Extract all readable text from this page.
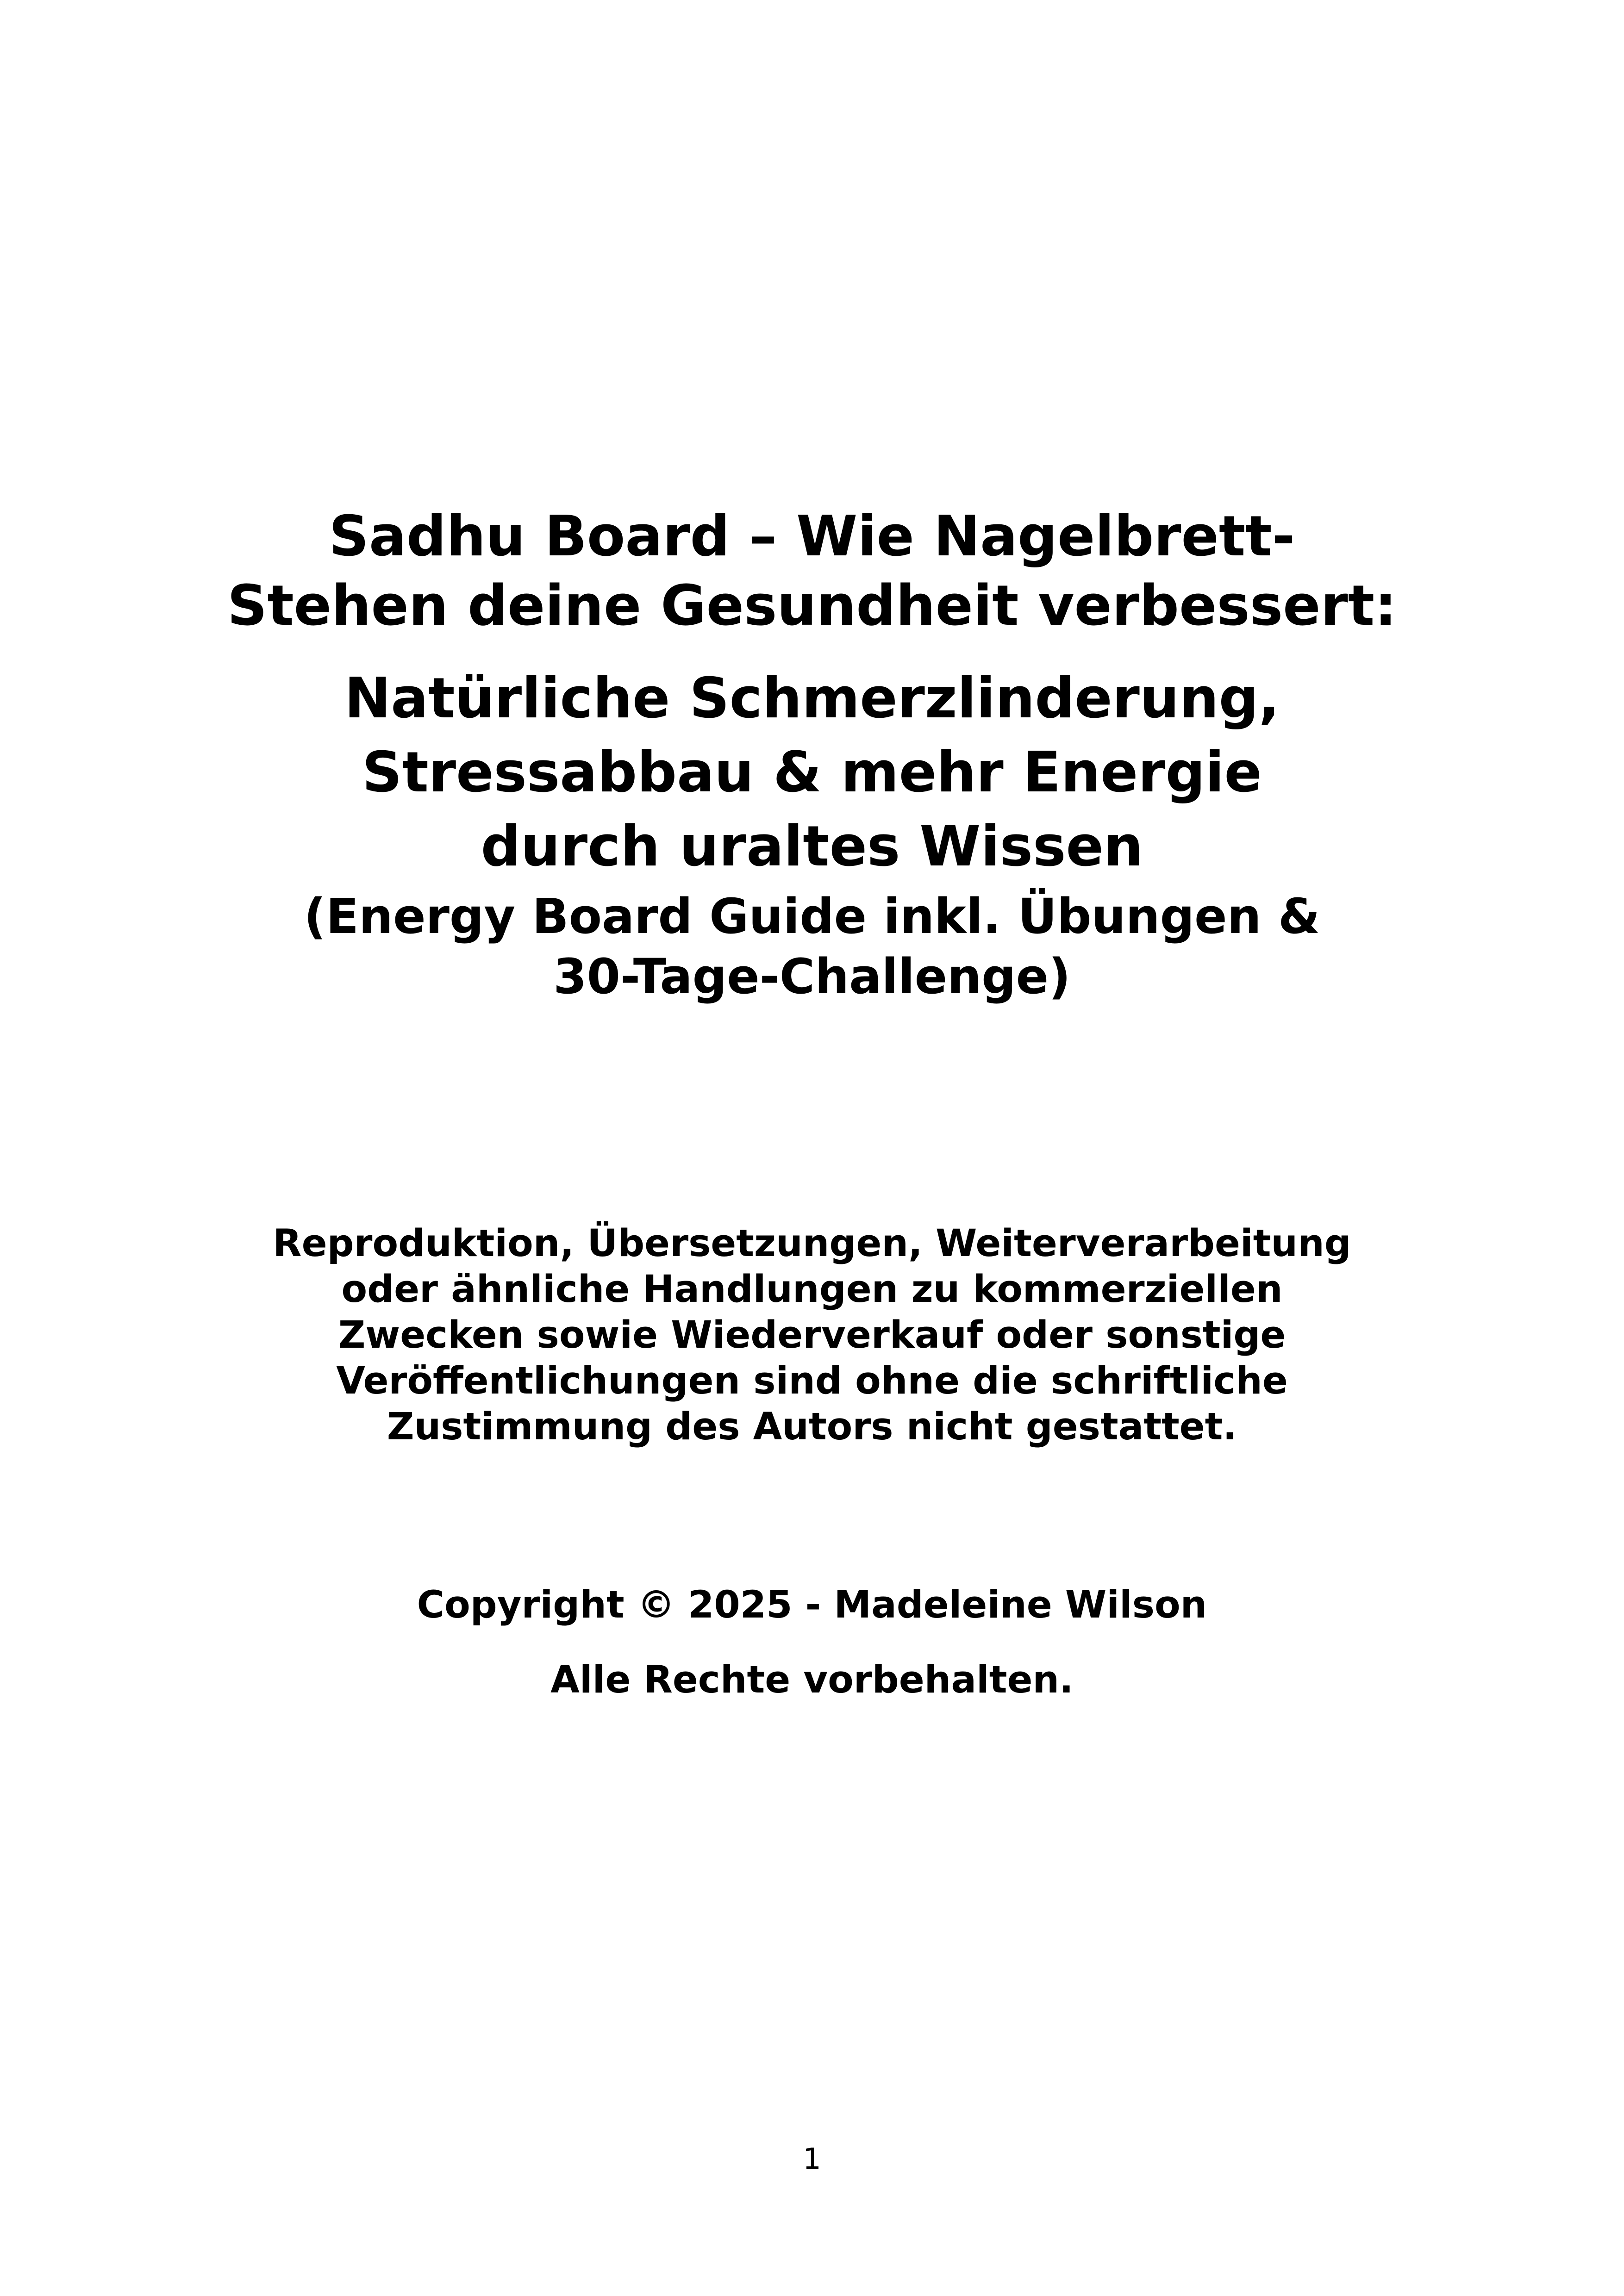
Sadhu Board – Wie Nagelbrett-
Stehen deine Gesundheit verbessert:
Natürliche Schmerzlinderung,
Stressabbau & mehr Energie
durch uraltes Wissen
(Energy Board Guide inkl. Übungen &
30-Tage-Challenge)

Reproduktion, Übersetzungen, Weiterverarbeitung
oder ähnliche Handlungen zu kommerziellen
Zwecken sowie Wiederverkauf oder sonstige
Veröffentlichungen sind ohne die schriftliche
Zustimmung des Autors nicht gestattet.

Copyright © 2025 - Madeleine Wilson

Alle Rechte vorbehalten.

1
